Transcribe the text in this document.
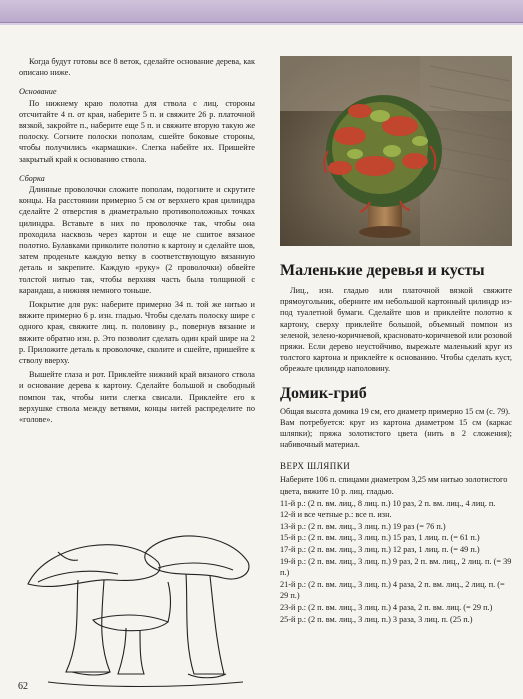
Когда будут готовы все 8 веток, сделайте основание дерева, как описано ниже.

Основание

По нижнему краю полотна для ствола с лиц. стороны отсчитайте 4 п. от края, наберите 5 п. и свяжите 26 р. платочной вязкой, закройте п., наберите еще 5 п. и свяжите вторую такую же полоску. Согните полоски пополам, сшейте боковые стороны, чтобы получились «кармашки». Слегка набейте их. Пришейте закрытый край к основанию ствола.

Сборка

Длинные проволочки сложите пополам, подогните и скрутите концы. На расстоянии примерно 5 см от верхнего края цилиндра сделайте 2 отверстия в диаметрально противоположных точках цилиндра. Вставьте в них по проволочке так, чтобы она проходила насквозь через картон и еще не сшитое вязаное полотно. Булавками приколите полотно к картону и сделайте шов, затем проденьте каждую ветку в соответствующую вязанную деталь и закрепите. Каждую «руку» (2 проволочки) обвейте толстой нитью так, чтобы верхняя часть была толщиной с карандаш, а нижняя немного тоньше.

Покрытие для рук: наберите примерно 34 п. той же нитью и вяжите примерно 6 р. изн. гладью. Чтобы сделать полоску шире с одного края, свяжите лиц. п. половину р., повернув вязание и вяжите обратно изн. р. Это позволит сделать один край шире на 2 р. Приложите деталь к проволочке, сколите и сшейте, пришейте к стволу вверху.

Вышейте глаза и рот. Приклейте нижний край вязаного ствола и основание дерева к картону. Сделайте большой и свободный помпон так, чтобы нити слегка свисали. Приклейте его к верхушке ствола между ветвями, концы нитей распределите по «голове».

Маленькие деревья и кусты

Лиц., изн. гладью или платочной вязкой свяжите прямоугольник, оберните им небольшой картонный цилиндр из-под туалетной бумаги. Сделайте шов и приклейте полотно к картону, сверху приклейте большой, объемный помпон из зеленой, зелено-коричневой, красновато-коричневой или розовой пряжи. Если дерево неустойчиво, вырежьте маленький круг из толстого картона и приклейте к основанию. Чтобы сделать куст, обрежьте цилиндр наполовину.

Домик-гриб

Общая высота домика 19 см, его диаметр примерно 15 см (с. 79).

Вам потребуется: круг из картона диаметром 15 см (каркас шляпки); пряжа золотистого цвета (нить в 2 сложения); набивочный материал.

ВЕРХ ШЛЯПКИ
Наберите 106 п. спицами диаметром 3,25 мм нитью золотистого цвета, вяжите 10 р. лиц. гладью.
11-й р.: (2 п. вм. лиц., 8 лиц. п.) 10 раз, 2 п. вм. лиц., 4 лиц. п.
12-й и все четные р.: все п. изн.
13-й р.: (2 п. вм. лиц., 3 лиц. п.) 19 раз (= 76 п.)
15-й р.: (2 п. вм. лиц., 3 лиц. п.) 15 раз, 1 лиц. п. (= 61 п.)
17-й р.: (2 п. вм. лиц., 3 лиц. п.) 12 раз, 1 лиц. п. (= 49 п.)
19-й р.: (2 п. вм. лиц., 3 лиц. п.) 9 раз, 2 п. вм. лиц., 2 лиц. п. (= 39 п.)
21-й р.: (2 п. вм. лиц., 3 лиц. п.) 4 раза, 2 п. вм. лиц., 2 лиц. п. (= 29 п.)
23-й р.: (2 п. вм. лиц., 3 лиц. п.) 4 раза, 2 п. вм. лиц. (= 29 п.)
25-й р.: (2 п. вм. лиц., 3 лиц. п.) 3 раза, 3 лиц. п. (25 п.)
62
